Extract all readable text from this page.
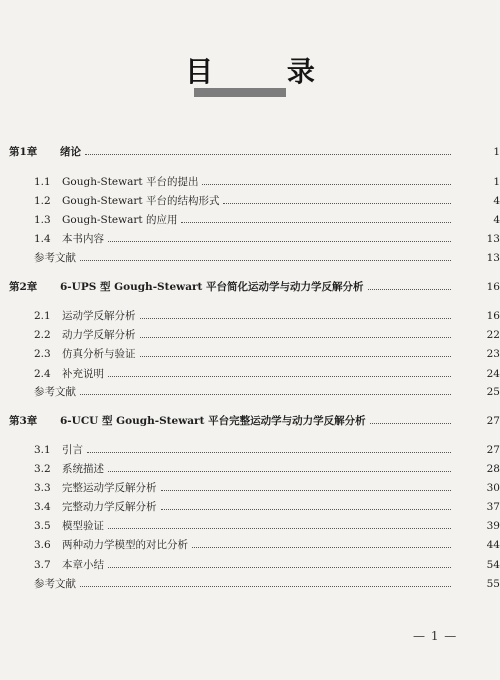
目 录
第1章 绪论	1
1.1 Gough-Stewart 平台的提出	1
1.2 Gough-Stewart 平台的结构形式	4
1.3 Gough-Stewart 的应用	4
1.4 本书内容	13
参考文献	13
第2章 6-UPS 型 Gough-Stewart 平台简化运动学与动力学反解分析	16
2.1 运动学反解分析	16
2.2 动力学反解分析	22
2.3 仿真分析与验证	23
2.4 补充说明	24
参考文献	25
第3章 6-UCU 型 Gough-Stewart 平台完整运动学与动力学反解分析	27
3.1 引言	27
3.2 系统描述	28
3.3 完整运动学反解分析	30
3.4 完整动力学反解分析	37
3.5 模型验证	39
3.6 两种动力学模型的对比分析	44
3.7 本章小结	54
参考文献	55
— 1 —
